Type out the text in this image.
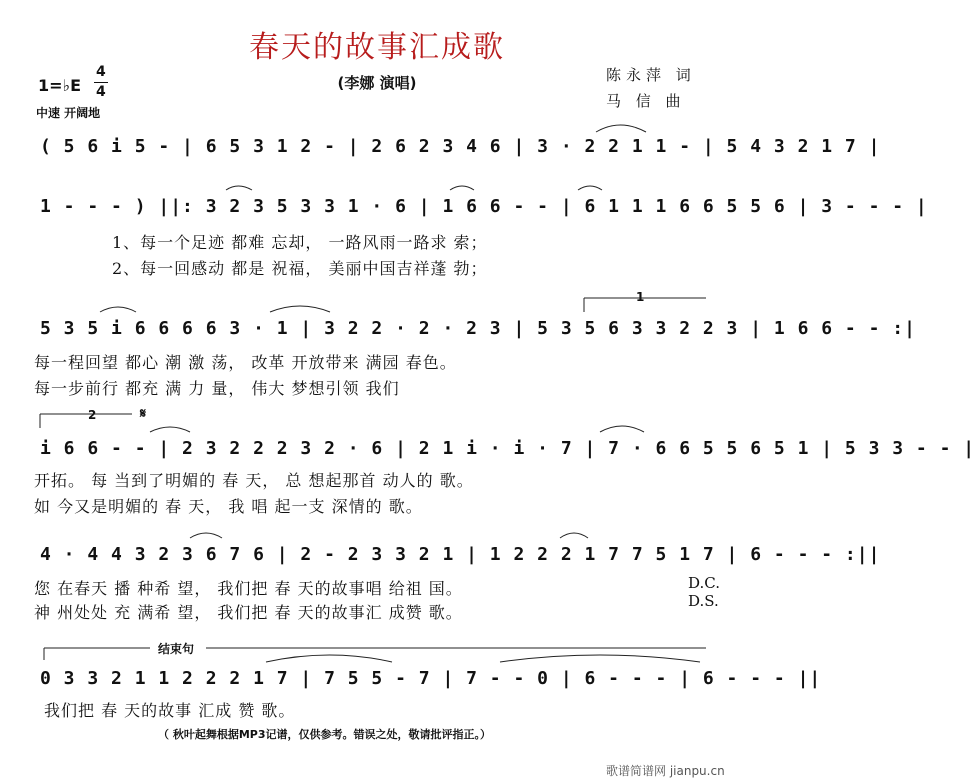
春天的故事汇成歌
(李娜 演唱)	陈永萍 词
马 信 曲
1=♭E
4
4
中速 开阔地
( 5 6 i 5 - | 6 5 3 1 2 - | 2 6 2 3 4 6 | 3 · 2 2 1 1 - | 5 4 3 2 1 7 |
1 - - - ) ||: 3 2 3 5 3 3 1 · 6 | 1 6 6 - - | 6 1 1 1 6 6 5 5 6 | 3 - - - |
1、每一个足迹 都难 忘却， 一路风雨一路求 索；
2、每一回感动 都是 祝福， 美丽中国吉祥蓬 勃；
5 3 5 i 6 6 6 6 3 · 1 | 3 2 2 · 2 · 2 3 | 5 3 5 6 3 3 2 2 3 | 1 6 6 - - :|
每一程回望 都心 潮 激 荡， 改革 开放带来 满园 春色。
每一步前行 都充 满 力 量， 伟大 梦想引领 我们
1
2	𝄋
i 6 6 - - | 2 3 2 2 2 3 2 · 6 | 2 1 i · i · 7 | 7 · 6 6 5 5 6 5 1 | 5 3 3 - - |
开拓。 每 当到了明媚的 春 天， 总 想起那首 动人的 歌。
如 今又是明媚的 春 天， 我 唱 起一支 深情的 歌。
4 · 4 4 3 2 3 6 7 6 | 2 - 2 3 3 2 1 | 1 2 2 2 1 7 7 5 1 7 | 6 - - - :||
您 在春天 播 种希 望， 我们把 春 天的故事唱 给祖 国。
神 州处处 充 满希 望， 我们把 春 天的故事汇 成赞 歌。
D.C.
D.S.
结束句
0 3 3 2 1 1 2 2 2 1 7 | 7 5 5 - 7 | 7 - - 0 | 6 - - - | 6 - - - ||
我们把 春 天的故事 汇成 赞 歌。
（ 秋叶起舞根据MP3记谱，仅供参考。错误之处，敬请批评指正。）
歌谱简谱网 jianpu.cn
